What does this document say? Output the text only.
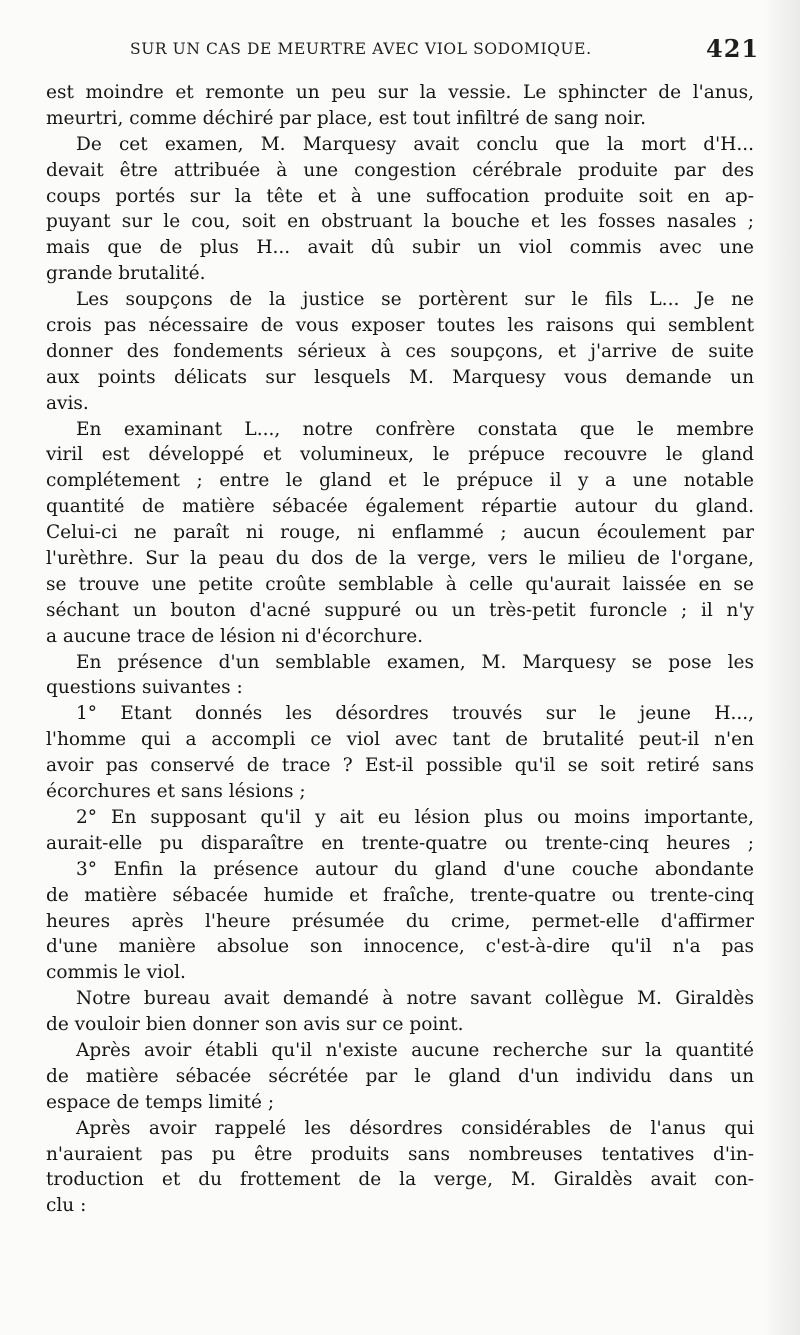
SUR UN CAS DE MEURTRE AVEC VIOL SODOMIQUE.	421
est moindre et remonte un peu sur la vessie. Le sphincter de l'anus,
meurtri, comme déchiré par place, est tout infiltré de sang noir.
De cet examen, M. Marquesy avait conclu que la mort d'H...
devait être attribuée à une congestion cérébrale produite par des
coups portés sur la tête et à une suffocation produite soit en ap-
puyant sur le cou, soit en obstruant la bouche et les fosses nasales ;
mais que de plus H... avait dû subir un viol commis avec une
grande brutalité.
Les soupçons de la justice se portèrent sur le fils L... Je ne
crois pas nécessaire de vous exposer toutes les raisons qui semblent
donner des fondements sérieux à ces soupçons, et j'arrive de suite
aux points délicats sur lesquels M. Marquesy vous demande un
avis.
En examinant L..., notre confrère constata que le membre
viril est développé et volumineux, le prépuce recouvre le gland
complétement ; entre le gland et le prépuce il y a une notable
quantité de matière sébacée également répartie autour du gland.
Celui-ci ne paraît ni rouge, ni enflammé ; aucun écoulement par
l'urèthre. Sur la peau du dos de la verge, vers le milieu de l'organe,
se trouve une petite croûte semblable à celle qu'aurait laissée en se
séchant un bouton d'acné suppuré ou un très-petit furoncle ; il n'y
a aucune trace de lésion ni d'écorchure.
En présence d'un semblable examen, M. Marquesy se pose les
questions suivantes :
1° Etant donnés les désordres trouvés sur le jeune H...,
l'homme qui a accompli ce viol avec tant de brutalité peut-il n'en
avoir pas conservé de trace ? Est-il possible qu'il se soit retiré sans
écorchures et sans lésions ;
2° En supposant qu'il y ait eu lésion plus ou moins importante,
aurait-elle pu disparaître en trente-quatre ou trente-cinq heures ;
3° Enfin la présence autour du gland d'une couche abondante
de matière sébacée humide et fraîche, trente-quatre ou trente-cinq
heures après l'heure présumée du crime, permet-elle d'affirmer
d'une manière absolue son innocence, c'est-à-dire qu'il n'a pas
commis le viol.
Notre bureau avait demandé à notre savant collègue M. Giraldès
de vouloir bien donner son avis sur ce point.
Après avoir établi qu'il n'existe aucune recherche sur la quantité
de matière sébacée sécrétée par le gland d'un individu dans un
espace de temps limité ;
Après avoir rappelé les désordres considérables de l'anus qui
n'auraient pas pu être produits sans nombreuses tentatives d'in-
troduction et du frottement de la verge, M. Giraldès avait con-
clu :
